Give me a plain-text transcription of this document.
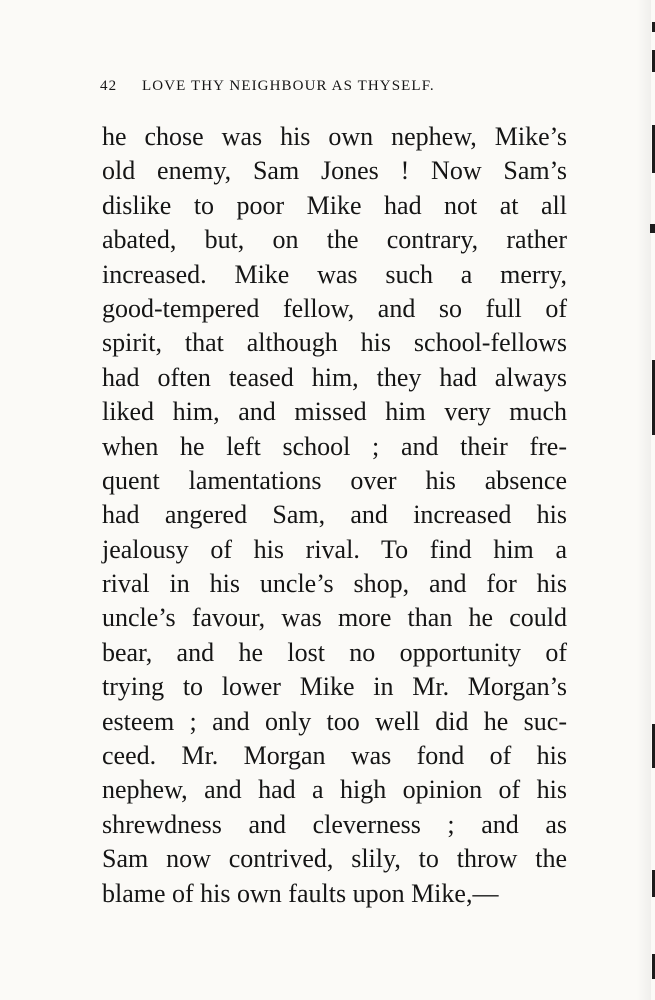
42 LOVE THY NEIGHBOUR AS THYSELF.
he chose was his own nephew, Mike’s
old enemy, Sam Jones ! Now Sam’s
dislike to poor Mike had not at all
abated, but, on the contrary, rather
increased. Mike was such a merry,
good-tempered fellow, and so full of
spirit, that although his school-fellows
had often teased him, they had always
liked him, and missed him very much
when he left school ; and their fre-
quent lamentations over his absence
had angered Sam, and increased his
jealousy of his rival. To find him a
rival in his uncle’s shop, and for his
uncle’s favour, was more than he could
bear, and he lost no opportunity of
trying to lower Mike in Mr. Morgan’s
esteem ; and only too well did he suc-
ceed. Mr. Morgan was fond of his
nephew, and had a high opinion of his
shrewdness and cleverness ; and as
Sam now contrived, slily, to throw the
blame of his own faults upon Mike,—
